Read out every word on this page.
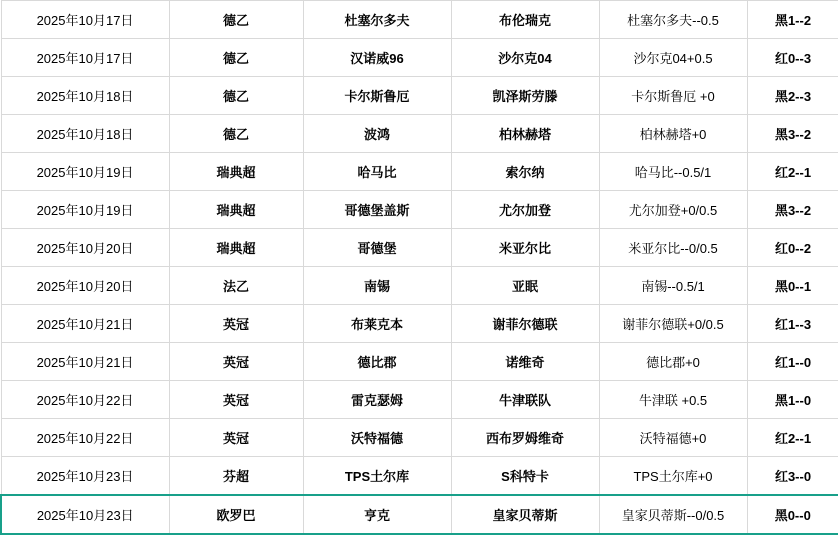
2025年10月17日	德乙	杜塞尔多夫	布伦瑞克	杜塞尔多夫--0.5	黑1--2
2025年10月17日	德乙	汉诺威96	沙尔克04	沙尔克04+0.5	红0--3
2025年10月18日	德乙	卡尔斯鲁厄	凯泽斯劳滕	卡尔斯鲁厄 +0	黑2--3
2025年10月18日	德乙	波鸿	柏林赫塔	柏林赫塔+0	黑3--2
2025年10月19日	瑞典超	哈马比	索尔纳	哈马比--0.5/1	红2--1
2025年10月19日	瑞典超	哥德堡盖斯	尤尔加登	尤尔加登+0/0.5	黑3--2
2025年10月20日	瑞典超	哥德堡	米亚尔比	米亚尔比--0/0.5	红0--2
2025年10月20日	法乙	南锡	亚眠	南锡--0.5/1	黑0--1
2025年10月21日	英冠	布莱克本	谢菲尔德联	谢菲尔德联+0/0.5	红1--3
2025年10月21日	英冠	德比郡	诺维奇	德比郡+0	红1--0
2025年10月22日	英冠	雷克瑟姆	牛津联队	牛津联 +0.5	黑1--0
2025年10月22日	英冠	沃特福德	西布罗姆维奇	沃特福德+0	红2--1
2025年10月23日	芬超	TPS土尔库	S科特卡	TPS土尔库+0	红3--0
2025年10月23日	欧罗巴	亨克	皇家贝蒂斯	皇家贝蒂斯--0/0.5	黑0--0
